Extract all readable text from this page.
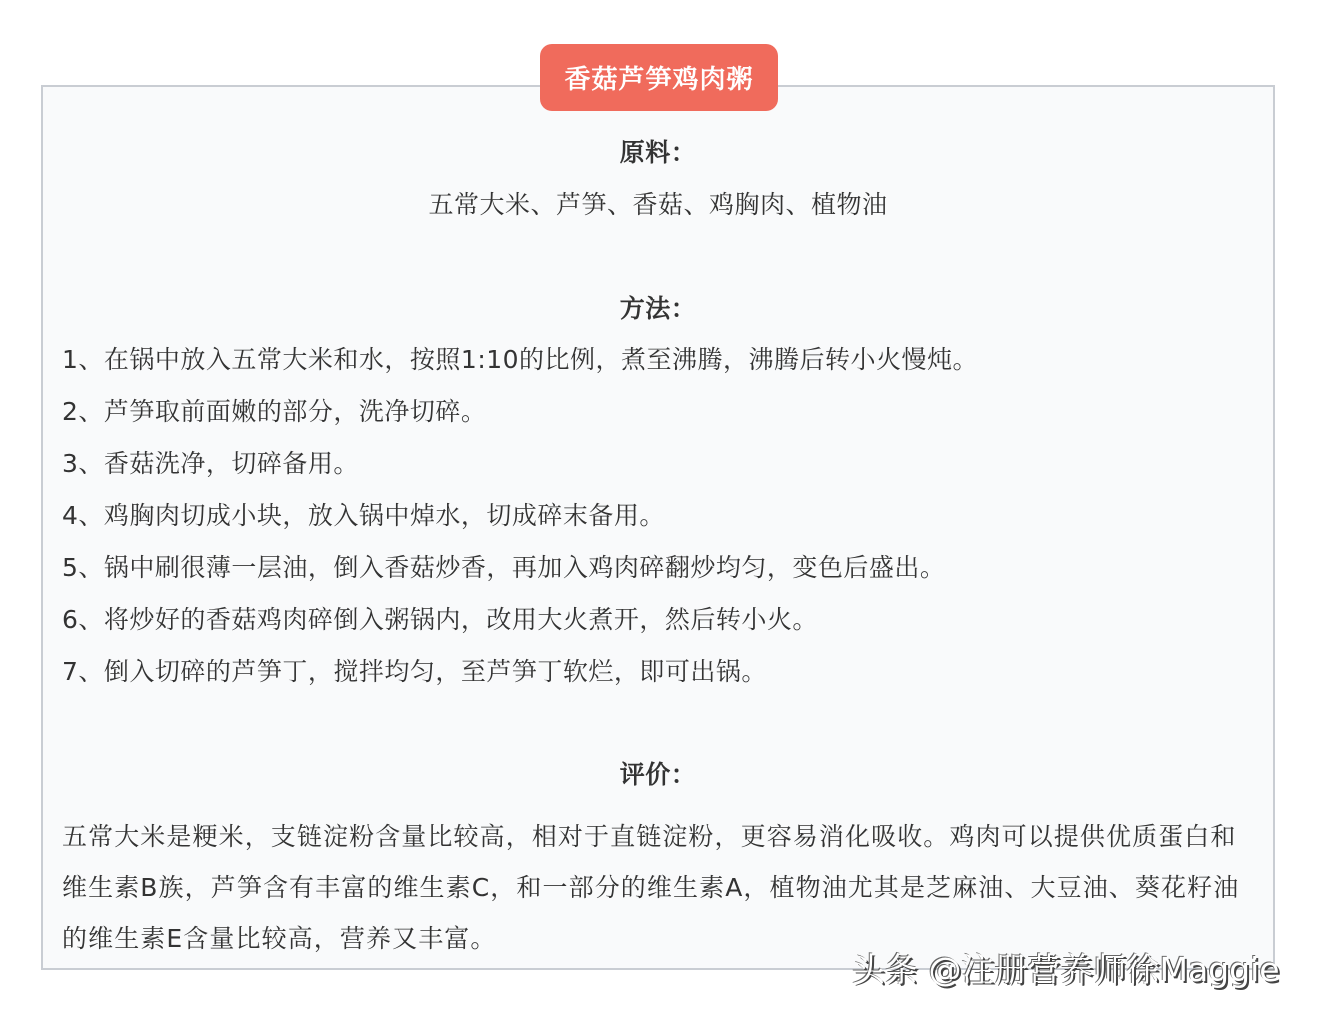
香菇芦笋鸡肉粥
原料：
五常大米、芦笋、香菇、鸡胸肉、植物油
方法：
1、在锅中放入五常大米和水，按照1:10的比例，煮至沸腾，沸腾后转小火慢炖。
2、芦笋取前面嫩的部分，洗净切碎。
3、香菇洗净，切碎备用。
4、鸡胸肉切成小块，放入锅中焯水，切成碎末备用。
5、锅中刷很薄一层油，倒入香菇炒香，再加入鸡肉碎翻炒均匀，变色后盛出。
6、将炒好的香菇鸡肉碎倒入粥锅内，改用大火煮开，然后转小火。
7、倒入切碎的芦笋丁，搅拌均匀，至芦笋丁软烂，即可出锅。
评价：
五常大米是粳米，支链淀粉含量比较高，相对于直链淀粉，更容易消化吸收。鸡肉可以提供优质蛋白和维生素B族，芦笋含有丰富的维生素C，和一部分的维生素A，植物油尤其是芝麻油、大豆油、葵花籽油的维生素E含量比较高，营养又丰富。
头条 @注册营养师徐Maggie
